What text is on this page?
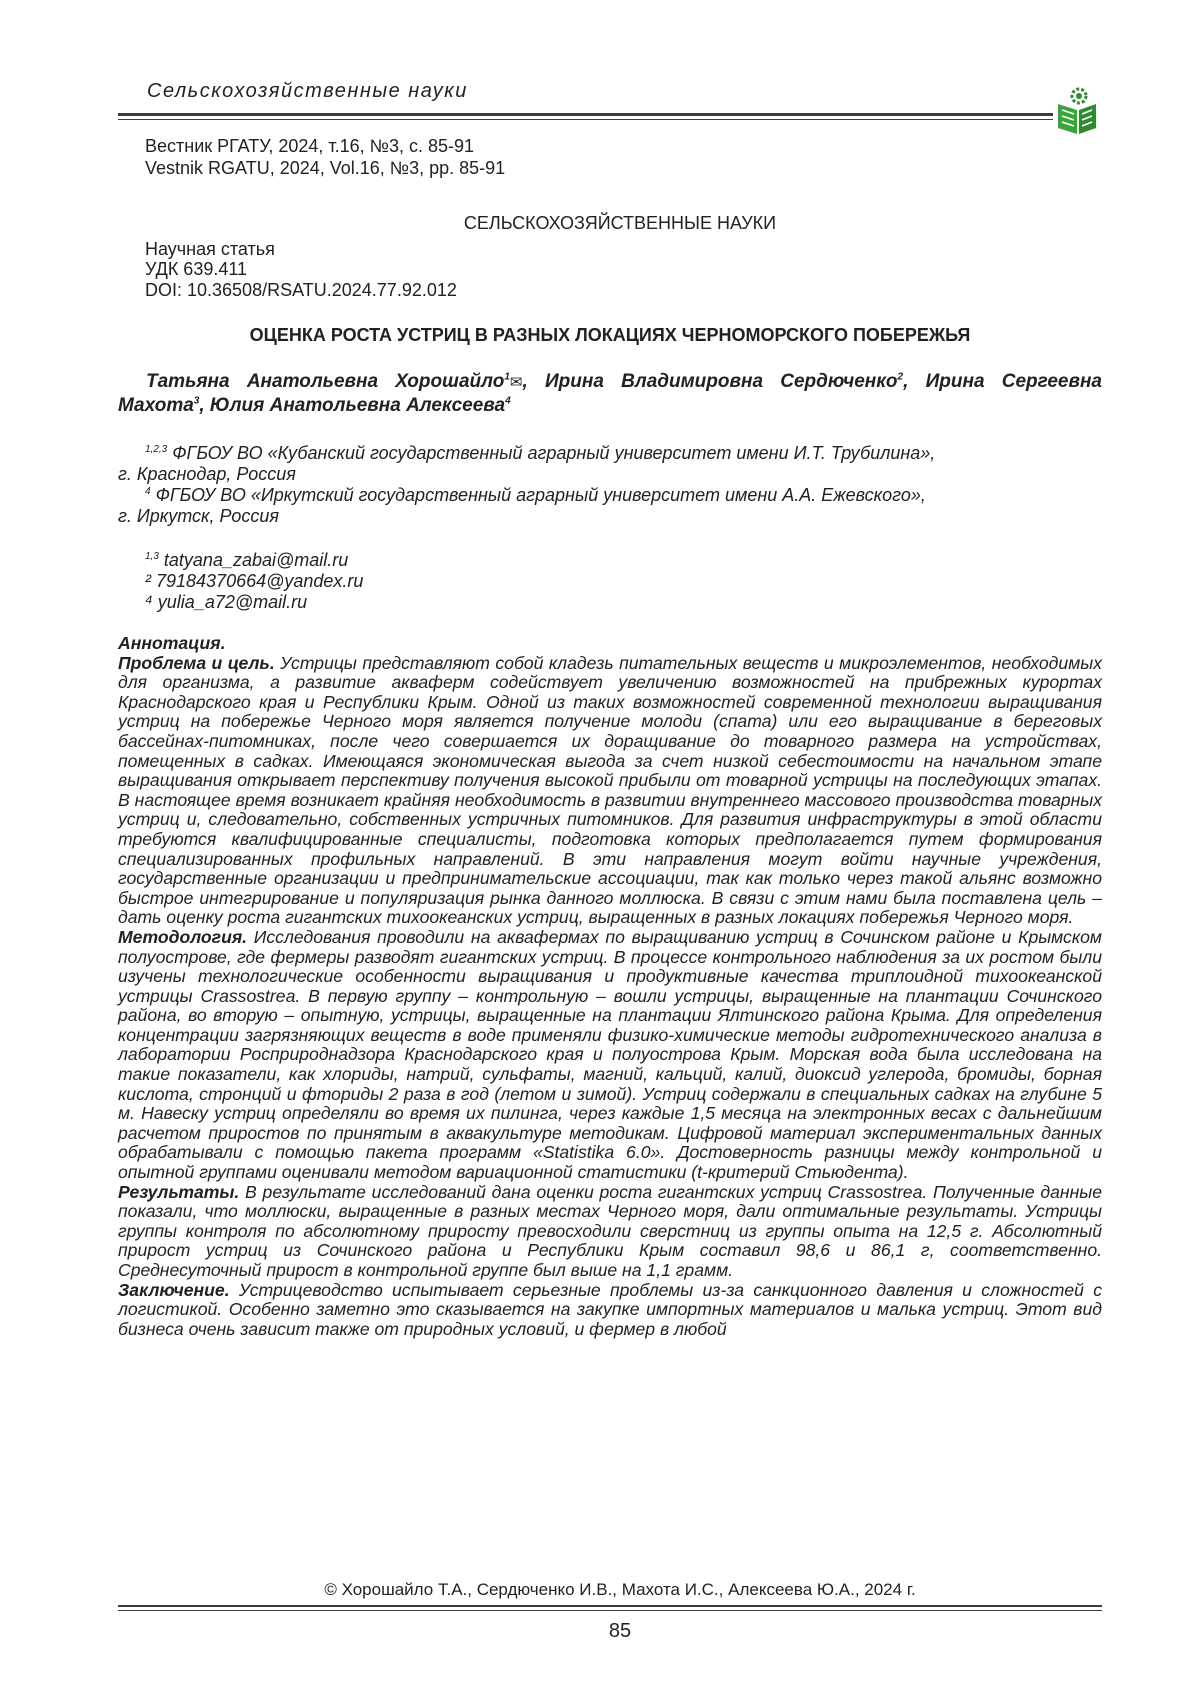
Сельскохозяйственные науки
Вестник РГАТУ, 2024, т.16, №3, с. 85-91
Vestnik RGATU, 2024, Vol.16, №3, pp. 85-91
СЕЛЬСКОХОЗЯЙСТВЕННЫЕ НАУКИ
Научная статья
УДК 639.411
DOI: 10.36508/RSATU.2024.77.92.012
ОЦЕНКА РОСТА УСТРИЦ В РАЗНЫХ ЛОКАЦИЯХ ЧЕРНОМОРСКОГО ПОБЕРЕЖЬЯ
Татьяна Анатольевна Хорошайло$^1$✉, Ирина Владимировна Сердюченко$^2$, Ирина Сергеевна Махота$^3$, Юлия Анатольевна Алексеева$^4$
$^{1,2,3}$ ФГБОУ ВО «Кубанский государственный аграрный университет имени И.Т. Трубилина»,
г. Краснодар, Россия
$^4$ ФГБОУ ВО «Иркутский государственный аграрный университет имени А.А. Ежевского»,
г. Иркутск, Россия
$^{1,3}$ tatyana_zabai@mail.ru
² 79184370664@yandex.ru
⁴ yulia_a72@mail.ru

Аннотация.

Проблема и цель. Устрицы представляют собой кладезь питательных веществ и микроэлементов, необходимых для организма, а развитие акваферм содействует увеличению возможностей на прибрежных курортах Краснодарского края и Республики Крым. Одной из таких возможностей современной технологии выращивания устриц на побережье Черного моря является получение молоди (спата) или его выращивание в береговых бассейнах-питомниках, после чего совершается их доращивание до товарного размера на устройствах, помещенных в садках. Имеющаяся экономическая выгода за счет низкой себестоимости на начальном этапе выращивания открывает перспективу получения высокой прибыли от товарной устрицы на последующих этапах. В настоящее время возникает крайняя необходимость в развитии внутреннего массового производства товарных устриц и, следовательно, собственных устричных питомников. Для развития инфраструктуры в этой области требуются квалифицированные специалисты, подготовка которых предполагается путем формирования специализированных профильных направлений. В эти направления могут войти научные учреждения, государственные организации и предпринимательские ассоциации, так как только через такой альянс возможно быстрое интегрирование и популяризация рынка данного моллюска. В связи с этим нами была поставлена цель – дать оценку роста гигантских тихоокеанских устриц, выращенных в разных локациях побережья Черного моря.

Методология. Исследования проводили на аквафермах по выращиванию устриц в Сочинском районе и Крымском полуострове, где фермеры разводят гигантских устриц. В процессе контрольного наблюдения за их ростом были изучены технологические особенности выращивания и продуктивные качества триплоидной тихоокеанской устрицы Crassostrea. В первую группу – контрольную – вошли устрицы, выращенные на плантации Сочинского района, во вторую – опытную, устрицы, выращенные на плантации Ялтинского района Крыма. Для определения концентрации загрязняющих веществ в воде применяли физико-химические методы гидротехнического анализа в лаборатории Росприроднадзора Краснодарского края и полуострова Крым. Морская вода была исследована на такие показатели, как хлориды, натрий, сульфаты, магний, кальций, калий, диоксид углерода, бромиды, борная кислота, стронций и фториды 2 раза в год (летом и зимой). Устриц содержали в специальных садках на глубине 5 м. Навеску устриц определяли во время их пилинга, через каждые 1,5 месяца на электронных весах с дальнейшим расчетом приростов по принятым в аквакультуре методикам. Цифровой материал экспериментальных данных обрабатывали с помощью пакета программ «Statistika 6.0». Достоверность разницы между контрольной и опытной группами оценивали методом вариационной статистики (t-критерий Стьюдента).

Результаты. В результате исследований дана оценки роста гигантских устриц Crassostrea. Полученные данные показали, что моллюски, выращенные в разных местах Черного моря, дали оптимальные результаты. Устрицы группы контроля по абсолютному приросту превосходили сверстниц из группы опыта на 12,5 г. Абсолютный прирост устриц из Сочинского района и Республики Крым составил 98,6 и 86,1 г, соответственно. Среднесуточный прирост в контрольной группе был выше на 1,1 грамм.

Заключение. Устрицеводство испытывает серьезные проблемы из-за санкционного давления и сложностей с логистикой. Особенно заметно это сказывается на закупке импортных материалов и малька устриц. Этот вид бизнеса очень зависит также от природных условий, и фермер в любой

© Хорошайло Т.А., Сердюченко И.В., Махота И.С., Алексеева Ю.А., 2024 г.
85
